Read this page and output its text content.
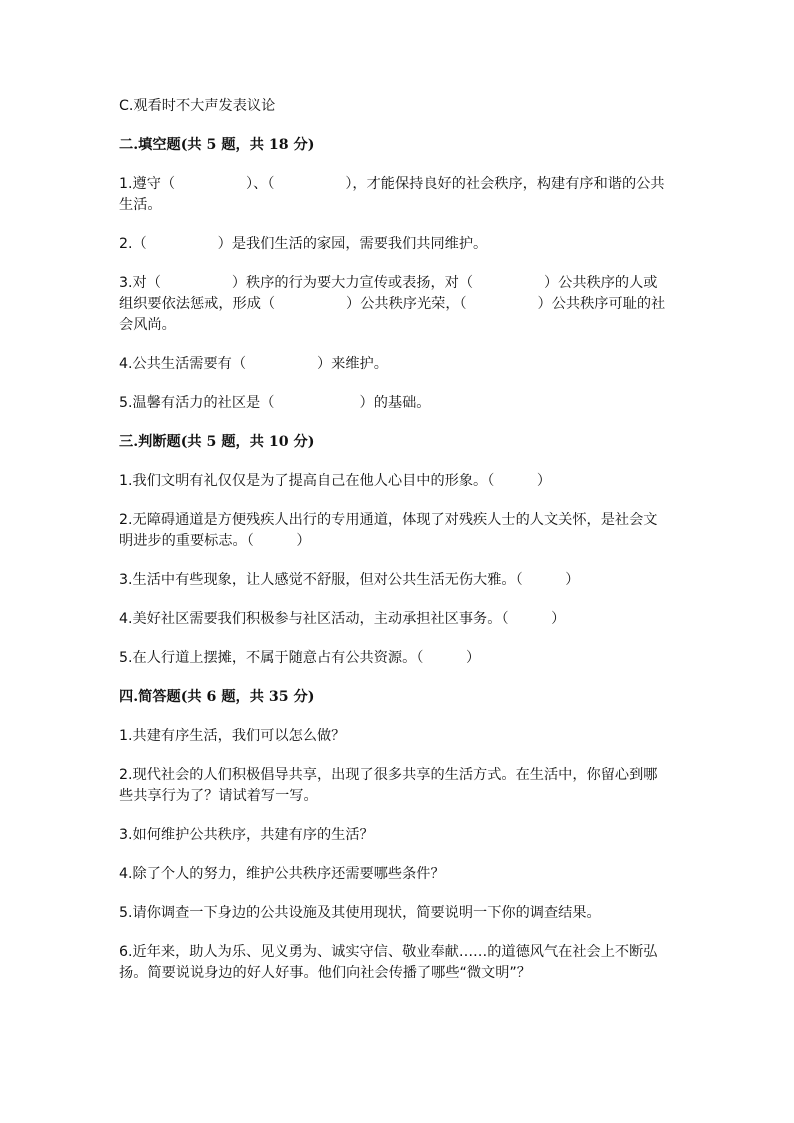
C.观看时不大声发表议论

二.填空题(共 5 题，共 18 分)

1.遵守（　　　　　）、（　　　　　），才能保持良好的社会秩序，构建有序和谐的公共生活。

2.（　　　　　）是我们生活的家园，需要我们共同维护。

3.对（　　　　　）秩序的行为要大力宣传或表扬，对（　　　　　）公共秩序的人或组织要依法惩戒，形成（　　　　　）公共秩序光荣，（　　　　　）公共秩序可耻的社会风尚。

4.公共生活需要有（　　　　　）来维护。

5.温馨有活力的社区是（　　　　　　）的基础。

三.判断题(共 5 题，共 10 分)

1.我们文明有礼仅仅是为了提高自己在他人心目中的形象。（　　　）

2.无障碍通道是方便残疾人出行的专用通道，体现了对残疾人士的人文关怀，是社会文明进步的重要标志。（　　　）

3.生活中有些现象，让人感觉不舒服，但对公共生活无伤大雅。（　　　）

4.美好社区需要我们积极参与社区活动，主动承担社区事务。（　　　）

5.在人行道上摆摊，不属于随意占有公共资源。（　　　）

四.简答题(共 6 题，共 35 分)

1.共建有序生活，我们可以怎么做？

2.现代社会的人们积极倡导共享，出现了很多共享的生活方式。在生活中，你留心到哪些共享行为了？请试着写一写。

3.如何维护公共秩序，共建有序的生活？

4.除了个人的努力，维护公共秩序还需要哪些条件？

5.请你调查一下身边的公共设施及其使用现状，简要说明一下你的调查结果。

6.近年来，助人为乐、见义勇为、诚实守信、敬业奉献……的道德风气在社会上不断弘扬。简要说说身边的好人好事。他们向社会传播了哪些“微文明”？
